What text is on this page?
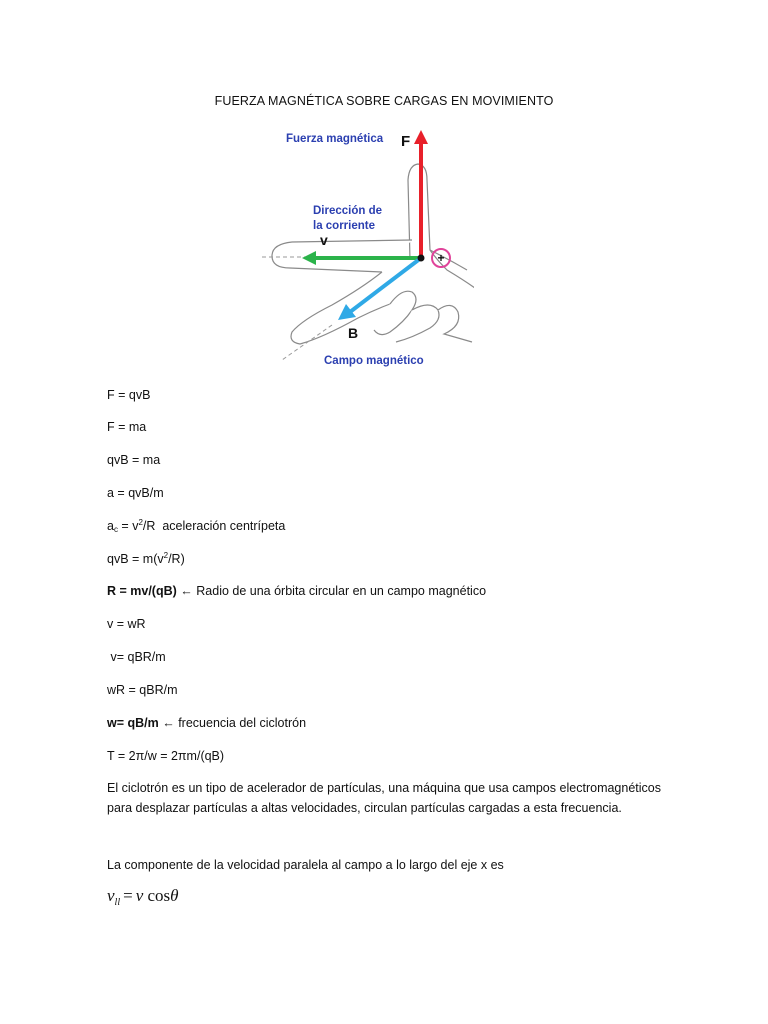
FUERZA MAGNÉTICA SOBRE CARGAS EN MOVIMIENTO
+
Fuerza magnética F
Dirección de
la corriente
v
B
Campo magnético
F = qvB
F = ma
qvB = ma
a = qvB/m
$a_c = v^2/R$ aceleración centrípeta
qvB = $m(v^2/R)$
R = mv/(qB) ← Radio de una órbita circular en un campo magnético
v = wR
v= qBR/m
wR = qBR/m
w= qB/m ← frecuencia del ciclotrón
T = 2π/w = 2πm/(qB)
El ciclotrón es un tipo de acelerador de partículas, una máquina que usa campos electromagnéticos para desplazar partículas a altas velocidades, circulan partículas cargadas a esta frecuencia.
La componente de la velocidad paralela al campo a lo largo del eje x es
$v_{ll} = v$ cosθ
